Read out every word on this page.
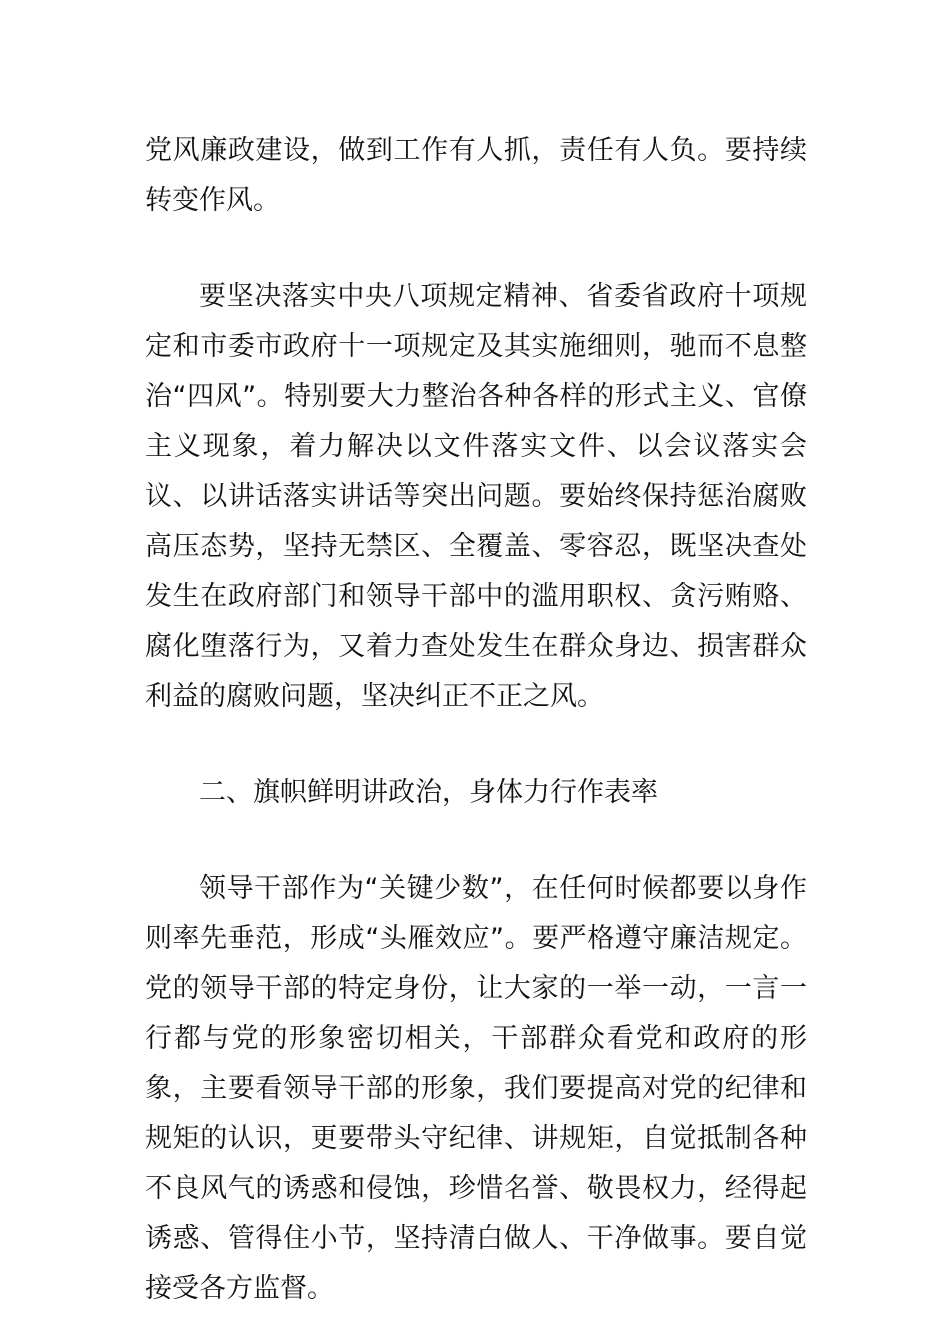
党风廉政建设，做到工作有人抓，责任有人负。要持续转变作风。

要坚决落实中央八项规定精神、省委省政府十项规定和市委市政府十一项规定及其实施细则，驰而不息整治“四风”。特别要大力整治各种各样的形式主义、官僚主义现象，着力解决以文件落实文件、以会议落实会议、以讲话落实讲话等突出问题。要始终保持惩治腐败高压态势，坚持无禁区、全覆盖、零容忍，既坚决查处发生在政府部门和领导干部中的滥用职权、贪污贿赂、腐化堕落行为，又着力查处发生在群众身边、损害群众利益的腐败问题，坚决纠正不正之风。

二、旗帜鲜明讲政治，身体力行作表率

领导干部作为“关键少数”，在任何时候都要以身作则率先垂范，形成“头雁效应”。要严格遵守廉洁规定。党的领导干部的特定身份，让大家的一举一动，一言一行都与党的形象密切相关，干部群众看党和政府的形象，主要看领导干部的形象，我们要提高对党的纪律和规矩的认识，更要带头守纪律、讲规矩，自觉抵制各种不良风气的诱惑和侵蚀，珍惜名誉、敬畏权力，经得起诱惑、管得住小节，坚持清白做人、干净做事。要自觉接受各方监督。
